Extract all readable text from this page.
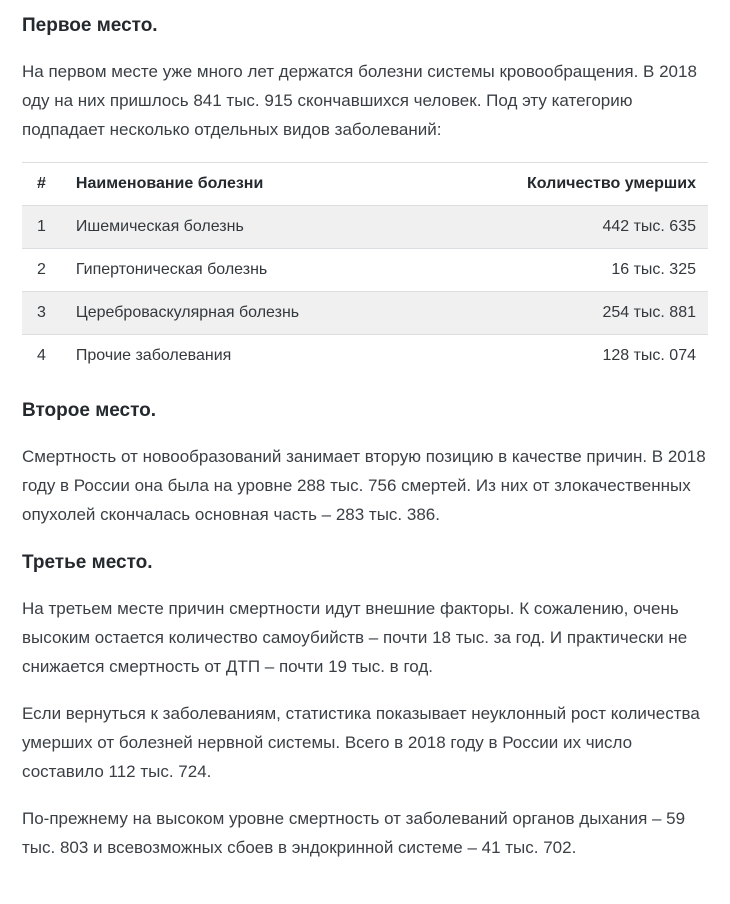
Первое место.

На первом месте уже много лет держатся болезни системы кровообращения. В 2018 оду на них пришлось 841 тыс. 915 скончавшихся человек. Под эту категорию подпадает несколько отдельных видов заболеваний:

#	Наименование болезни	Количество умерших
1	Ишемическая болезнь	442 тыс. 635
2	Гипертоническая болезнь	16 тыс. 325
3	Цереброваскулярная болезнь	254 тыс. 881
4	Прочие заболевания	128 тыс. 074
Второе место.

Смертность от новообразований занимает вторую позицию в качестве причин. В 2018 году в России она была на уровне 288 тыс. 756 смертей. Из них от злокачественных опухолей скончалась основная часть – 283 тыс. 386.

Третье место.

На третьем месте причин смертности идут внешние факторы. К сожалению, очень высоким остается количество самоубийств – почти 18 тыс. за год. И практически не снижается смертность от ДТП – почти 19 тыс. в год.

Если вернуться к заболеваниям, статистика показывает неуклонный рост количества умерших от болезней нервной системы. Всего в 2018 году в России их число составило 112 тыс. 724.

По-прежнему на высоком уровне смертность от заболеваний органов дыхания – 59 тыс. 803 и всевозможных сбоев в эндокринной системе – 41 тыс. 702.
